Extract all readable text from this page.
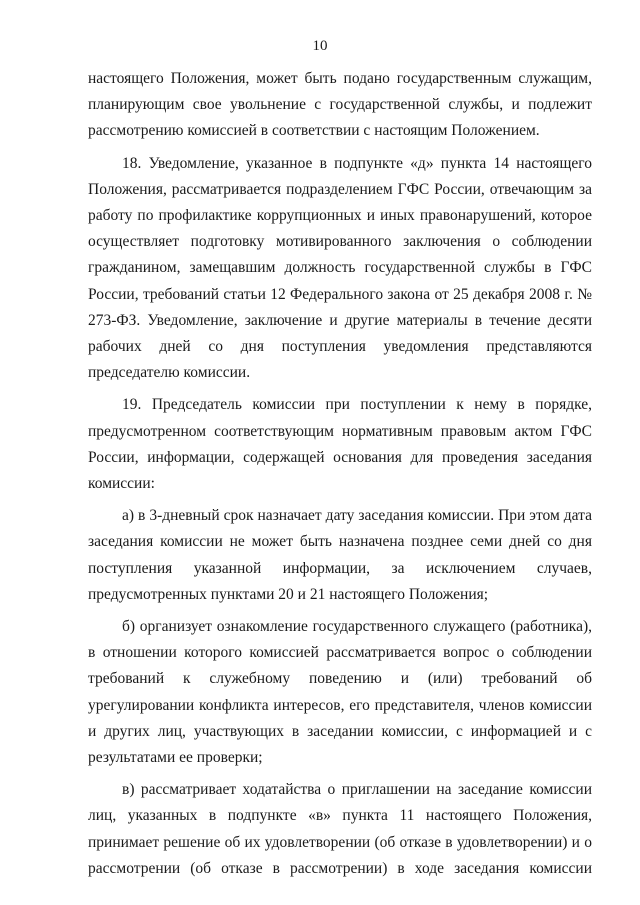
10

настоящего Положения, может быть подано государственным служащим, планирующим свое увольнение с государственной службы, и подлежит рассмотрению комиссией в соответствии с настоящим Положением.

18. Уведомление, указанное в подпункте «д» пункта 14 настоящего Положения, рассматривается подразделением ГФС России, отвечающим за работу по профилактике коррупционных и иных правонарушений, которое осуществляет подготовку мотивированного заключения о соблюдении гражданином, замещавшим должность государственной службы в ГФС России, требований статьи 12 Федерального закона от 25 декабря 2008 г. № 273-ФЗ. Уведомление, заключение и другие материалы в течение десяти рабочих дней со дня поступления уведомления представляются председателю комиссии.

19. Председатель комиссии при поступлении к нему в порядке, предусмотренном соответствующим нормативным правовым актом ГФС России, информации, содержащей основания для проведения заседания комиссии:

а) в 3-дневный срок назначает дату заседания комиссии. При этом дата заседания комиссии не может быть назначена позднее семи дней со дня поступления указанной информации, за исключением случаев, предусмотренных пунктами 20 и 21 настоящего Положения;

б) организует ознакомление государственного служащего (работника), в отношении которого комиссией рассматривается вопрос о соблюдении требований к служебному поведению и (или) требований об урегулировании конфликта интересов, его представителя, членов комиссии и других лиц, участвующих в заседании комиссии, с информацией и с результатами ее проверки;

в) рассматривает ходатайства о приглашении на заседание комиссии лиц, указанных в подпункте «в» пункта 11 настоящего Положения, принимает решение об их удовлетворении (об отказе в удовлетворении) и о рассмотрении (об отказе в рассмотрении) в ходе заседания комиссии
